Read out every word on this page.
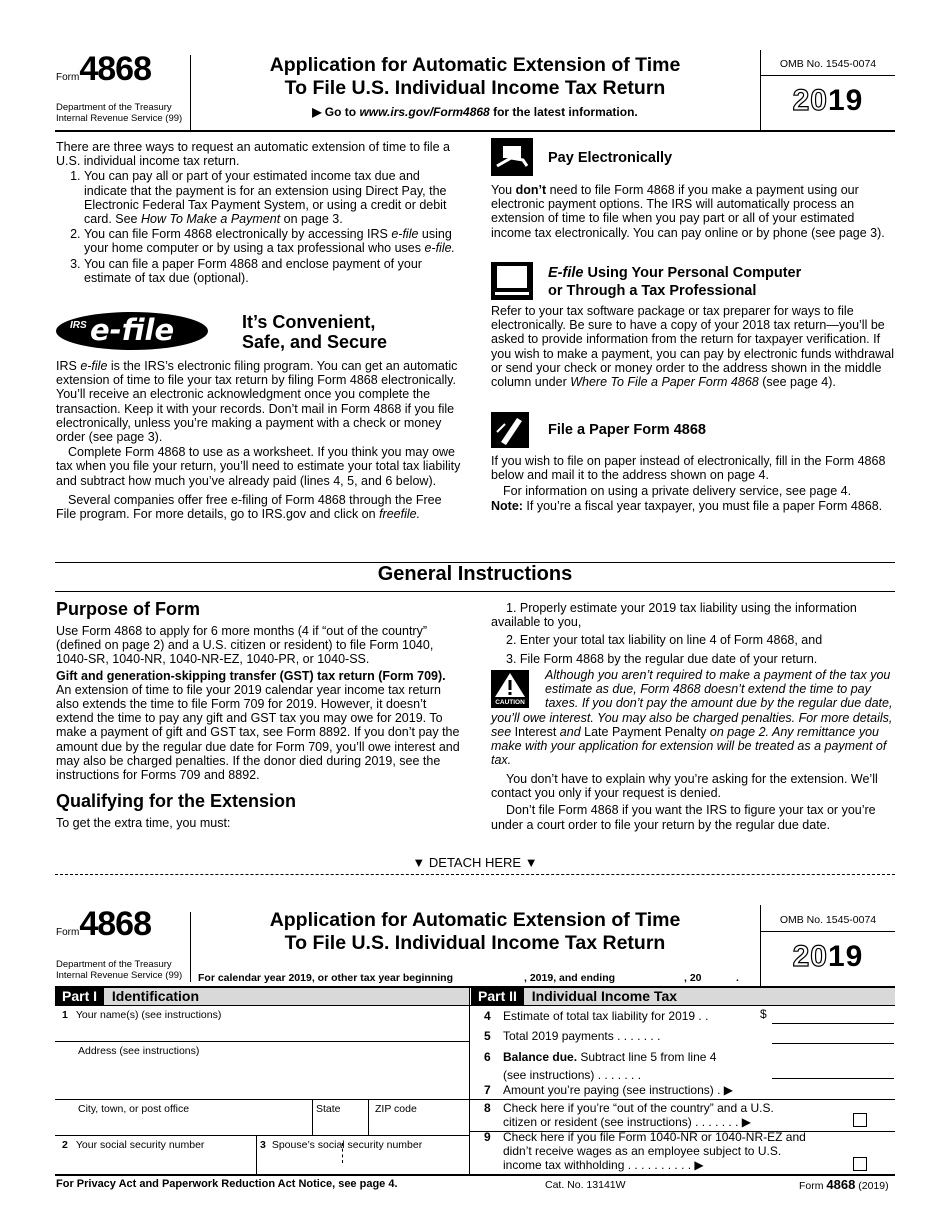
Form4868
Department of the Treasury
Internal Revenue Service (99)
Application for Automatic Extension of Time
To File U.S. Individual Income Tax Return
▶ Go to www.irs.gov/Form4868 for the latest information.
OMB No. 1545-0074
2019

There are three ways to request an automatic extension of time to file a U.S. individual income tax return.

1. You can pay all or part of your estimated income tax due and indicate that the payment is for an extension using Direct Pay, the Electronic Federal Tax Payment System, or using a credit or debit card. See How To Make a Payment on page 3.
2. You can file Form 4868 electronically by accessing IRS e-file using your home computer or by using a tax professional who uses e-file.
3. You can file a paper Form 4868 and enclose payment of your estimate of tax due (optional).
IRS e-file	It’s Convenient,
Safe, and Secure

IRS e-file is the IRS’s electronic filing program. You can get an automatic extension of time to file your tax return by filing Form 4868 electronically. You’ll receive an electronic acknowledgment once you complete the transaction. Keep it with your records. Don’t mail in Form 4868 if you file electronically, unless you’re making a payment with a check or money order (see page 3).

Complete Form 4868 to use as a worksheet. If you think you may owe tax when you file your return, you’ll need to estimate your total tax liability and subtract how much you’ve already paid (lines 4, 5, and 6 below).

Several companies offer free e-filing of Form 4868 through the Free File program. For more details, go to IRS.gov and click on freefile.

Pay Electronically
You don’t need to file Form 4868 if you make a payment using our electronic payment options. The IRS will automatically process an extension of time to file when you pay part or all of your estimated income tax electronically. You can pay online or by phone (see page 3).
E-file Using Your Personal Computer
or Through a Tax Professional
Refer to your tax software package or tax preparer for ways to file electronically. Be sure to have a copy of your 2018 tax return—you’ll be asked to provide information from the return for taxpayer verification. If you wish to make a payment, you can pay by electronic funds withdrawal or send your check or money order to the address shown in the middle column under Where To File a Paper Form 4868 (see page 4).
File a Paper Form 4868

If you wish to file on paper instead of electronically, fill in the Form 4868 below and mail it to the address shown on page 4.

For information on using a private delivery service, see page 4.

Note: If you’re a fiscal year taxpayer, you must file a paper Form 4868.

General Instructions
Purpose of Form

Use Form 4868 to apply for 6 more months (4 if “out of the country” (defined on page 2) and a U.S. citizen or resident) to file Form 1040, 1040-SR, 1040-NR, 1040-NR-EZ, 1040-PR, or 1040-SS.

Gift and generation-skipping transfer (GST) tax return (Form 709). An extension of time to file your 2019 calendar year income tax return also extends the time to file Form 709 for 2019. However, it doesn’t extend the time to pay any gift and GST tax you may owe for 2019. To make a payment of gift and GST tax, see Form 8892. If you don’t pay the amount due by the regular due date for Form 709, you’ll owe interest and may also be charged penalties. If the donor died during 2019, see the instructions for Forms 709 and 8892.

Qualifying for the Extension
To get the extra time, you must:

1. Properly estimate your 2019 tax liability using the information available to you,

2. Enter your total tax liability on line 4 of Form 4868, and

3. File Form 4868 by the regular due date of your return.

CAUTION
Although you aren’t required to make a payment of the tax you estimate as due, Form 4868 doesn’t extend the time to pay taxes. If you don’t pay the amount due by the regular due date, you’ll owe interest. You may also be charged penalties. For more details, see Interest and Late Payment Penalty on page 2. Any remittance you make with your application for extension will be treated as a payment of tax.

You don’t have to explain why you’re asking for the extension. We’ll contact you only if your request is denied.

Don’t file Form 4868 if you want the IRS to figure your tax or you’re under a court order to file your return by the regular due date.

▼ DETACH HERE ▼
Form4868
Department of the Treasury
Internal Revenue Service (99)
Application for Automatic Extension of Time
To File U.S. Individual Income Tax Return
OMB No. 1545-0074
2019
For calendar year 2019, or other tax year beginning	, 2019, and ending	, 20	.
Part I Identification	Part II Individual Income Tax
1 Your name(s) (see instructions)
Address (see instructions)
City, town, or post office	State	ZIP code
2 Your social security number	3 Spouse’s social security number
4 Estimate of total tax liability for 2019 . .	$
5 Total 2019 payments . . . . . . .
6 Balance due. Subtract line 5 from line 4
(see instructions) . . . . . . .
7 Amount you’re paying (see instructions) . ▶
8 Check here if you’re “out of the country” and a U.S.
citizen or resident (see instructions) . . . . . . . ▶
9 Check here if you file Form 1040-NR or 1040-NR-EZ and
didn’t receive wages as an employee subject to U.S.
income tax withholding . . . . . . . . . . ▶
For Privacy Act and Paperwork Reduction Act Notice, see page 4.	Cat. No. 13141W	Form 4868 (2019)
